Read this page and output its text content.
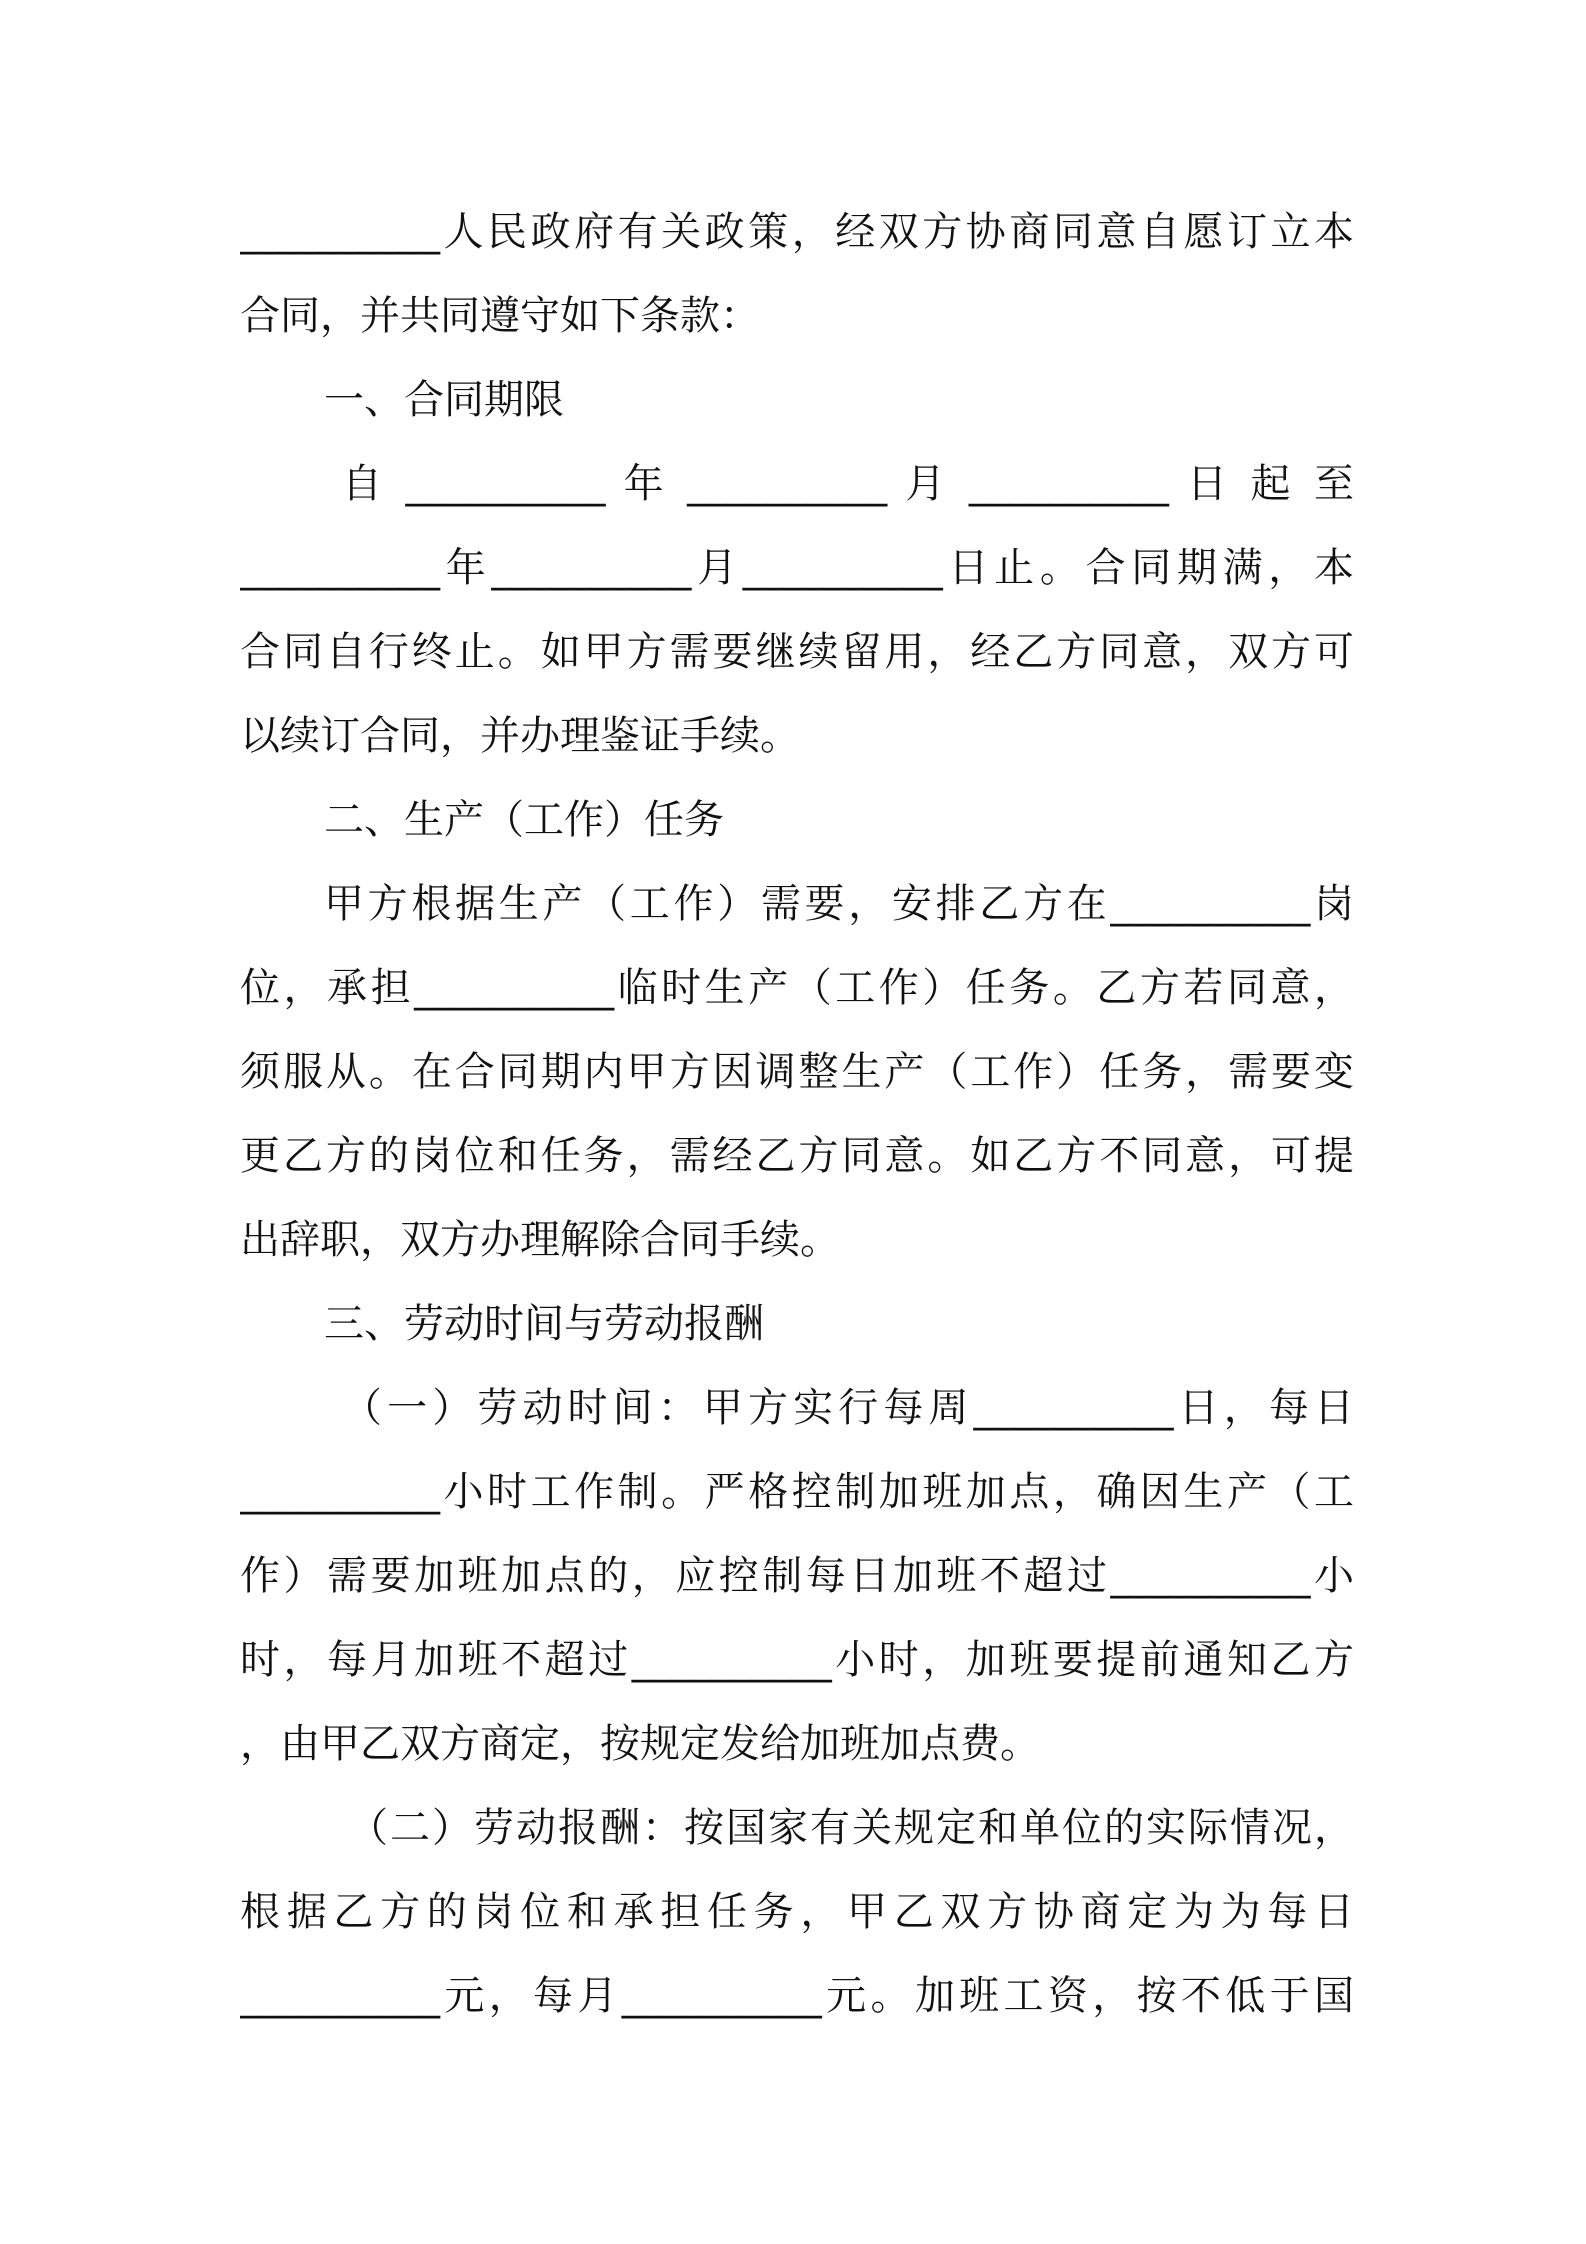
__________人民政府有关政策，经双方协商同意自愿订立本
合同，并共同遵守如下条款：
一、合同期限
自 __________ 年 __________ 月 __________ 日 起 至
__________年__________月__________日止。合同期满，本
合同自行终止。如甲方需要继续留用，经乙方同意，双方可
以续订合同，并办理鉴证手续。
二、生产（工作）任务
甲方根据生产（工作）需要，安排乙方在__________岗
位，承担__________临时生产（工作）任务。乙方若同意，
须服从。在合同期内甲方因调整生产（工作）任务，需要变
更乙方的岗位和任务，需经乙方同意。如乙方不同意，可提
出辞职，双方办理解除合同手续。
三、劳动时间与劳动报酬
（一）劳动时间：甲方实行每周__________日，每日
__________小时工作制。严格控制加班加点，确因生产（工
作）需要加班加点的，应控制每日加班不超过__________小
时，每月加班不超过__________小时，加班要提前通知乙方
，由甲乙双方商定，按规定发给加班加点费。
（二）劳动报酬：按国家有关规定和单位的实际情况，
根据乙方的岗位和承担任务，甲乙双方协商定为为每日
__________元，每月__________元。加班工资，按不低于国
